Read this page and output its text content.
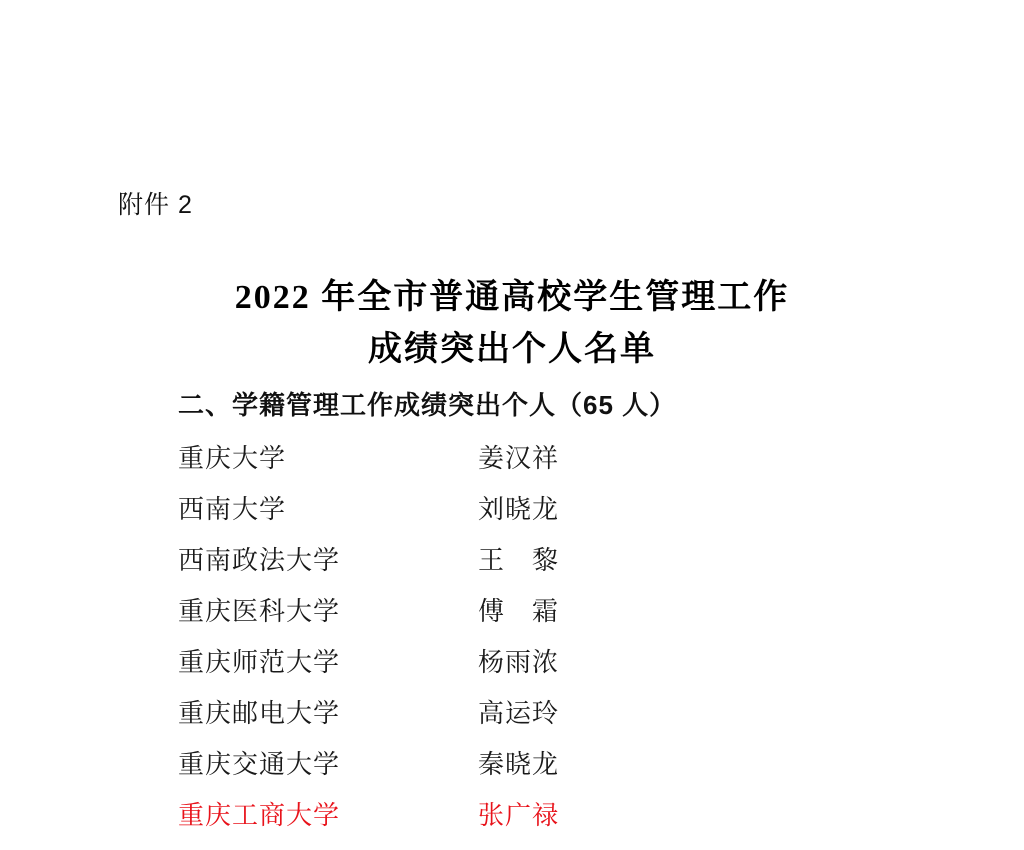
附件 2
2022 年全市普通高校学生管理工作
成绩突出个人名单
二、学籍管理工作成绩突出个人（65 人）
重庆大学	姜汉祥
西南大学	刘晓龙
西南政法大学	王　黎
重庆医科大学	傅　霜
重庆师范大学	杨雨浓
重庆邮电大学	高运玲
重庆交通大学	秦晓龙
重庆工商大学	张广禄
